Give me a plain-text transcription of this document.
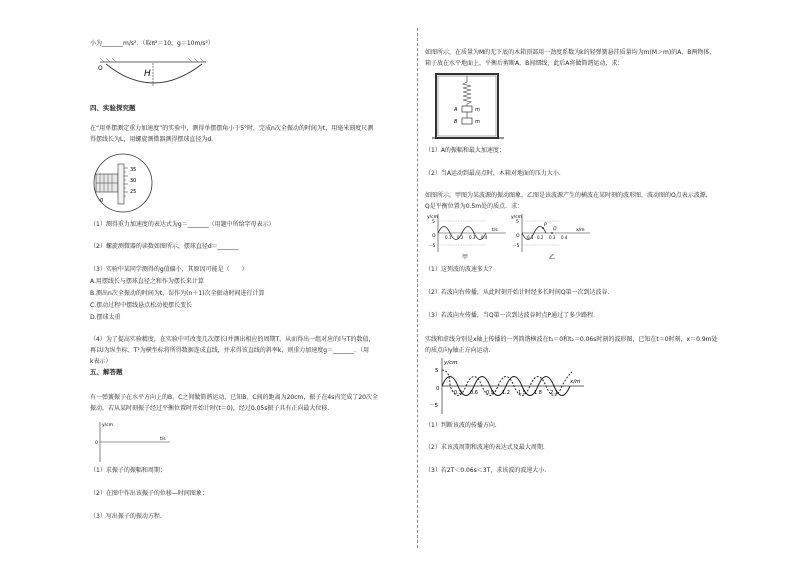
小为_______m/s²．（取π²＝10，g＝10m/s²）
H
O
四、实验探究题
在“用单摆测定重力加速度”的实验中，测得单摆摆角小于5°时，完成n次全振动的时间为t，用毫米刻度尺测
得摆线长为L，用螺旋测微器测得摆球直径为d.
35
30
25
0
（1）测得重力加速度的表达式为g＝_______（用题中所给字母表示）
（2）螺旋测微器的读数如图所示，摆球直径d＝_______
（3）实验中某同学测得的g值偏小，其原因可能是（　　）
A.用摆线长与摆球直径之和作为摆长来计算
B.测出n次全振动的时间为t，误作为(n＋1)次全振动时间进行计算
C.摆动过程中摆线悬点松动使摆长变长
D.摆球太重
（4）为了提高实验精度，在实验中可改变几次摆长l并测出相应的周期T，从而得出一组对应的l与T的数值，
再以l为纵坐标、T²为横坐标将所得数据连成直线，并求得该直线的斜率k，则重力加速度g＝_______．（用
k表示）
五、解答题
有一弹簧振子在水平方向上的B、C之间做简谐运动，已知B、C间的距离为20cm，振子在4s内完成了20次全
振动，若从某时刻振子经过平衡位置时开始计时(t＝0)，经过0.05s振子具有正向最大位移.
y/cm
t/s
0
（1）求振子的振幅和周期；
（2）在图中作出该振子的位移—时间图象；
（3）写出振子的振动方程.
如图所示，在质量为M的无下底的木箱顶部用一劲度系数为k的轻弹簧悬挂质量均为m(M＞m)的A、B两物体，
箱子放在水平地面上，平衡后剪断A、B间细线，此后A将做简谐运动，求：
A
B
m
m
（1）A的振幅和最大加速度；
（2）当A运动到最高点时，木箱对地面的压力大小.
如图所示，甲图为某波源的振动图象，乙图是该波源产生的横波在某时刻的波形图，波动图的O点表示波源，
Q是平衡位置为0.5m处的质点．求：
y/cm
t/s
5
－5
O 0.1 0.2 0.3 0.4
y/cm
x/m
5
－5
O 0.1 0.2 0.3 0.4
P
Q
甲	乙
（1）这列波的波速多大？
（2）若波向右传播，从此时刻开始计时经多长时间Q第一次到达波谷．
（3）若波向左传播，当Q第一次到达波谷时点P通过了多少路程．
实线和虚线分别是x轴上传播的一列简谐横波在t₁＝0和t₂＝0.06s时刻的波形图，已知在t＝0时刻，x＝0.9m处
的质点向y轴正方向运动.
y/cm
x/m
5
－5
0
0.3 0.6 0.9 1.2 1.5 1.8 2.1
（1）判断该波的传播方向.
（2）求该波周期和波速的表达式及最大周期.
（3）若2T＜0.06s＜3T，求该波的波速大小.
